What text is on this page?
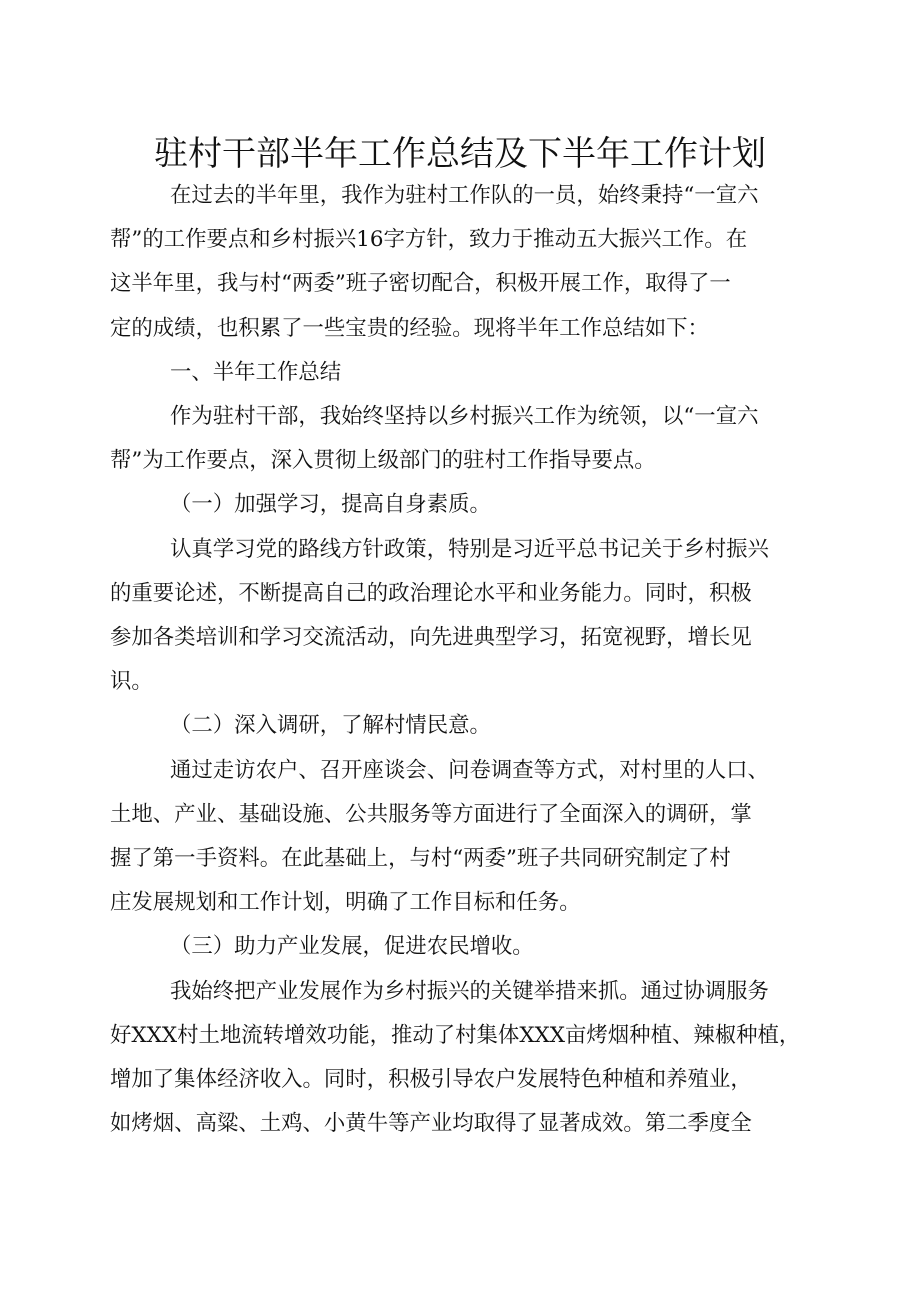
驻村干部半年工作总结及下半年工作计划

在过去的半年里，我作为驻村工作队的一员，始终秉持“一宣六

帮”的工作要点和乡村振兴16字方针，致力于推动五大振兴工作。在

这半年里，我与村“两委”班子密切配合，积极开展工作，取得了一

定的成绩，也积累了一些宝贵的经验。现将半年工作总结如下：

一、半年工作总结

作为驻村干部，我始终坚持以乡村振兴工作为统领，以“一宣六

帮”为工作要点，深入贯彻上级部门的驻村工作指导要点。

（一）加强学习，提高自身素质。

认真学习党的路线方针政策，特别是习近平总书记关于乡村振兴

的重要论述，不断提高自己的政治理论水平和业务能力。同时，积极

参加各类培训和学习交流活动，向先进典型学习，拓宽视野，增长见

识。

（二）深入调研，了解村情民意。

通过走访农户、召开座谈会、问卷调查等方式，对村里的人口、

土地、产业、基础设施、公共服务等方面进行了全面深入的调研，掌

握了第一手资料。在此基础上，与村“两委”班子共同研究制定了村

庄发展规划和工作计划，明确了工作目标和任务。

（三）助力产业发展，促进农民增收。

我始终把产业发展作为乡村振兴的关键举措来抓。通过协调服务

好XXX村土地流转增效功能，推动了村集体XXX亩烤烟种植、辣椒种植，

增加了集体经济收入。同时，积极引导农户发展特色种植和养殖业，

如烤烟、高粱、土鸡、小黄牛等产业均取得了显著成效。第二季度全
